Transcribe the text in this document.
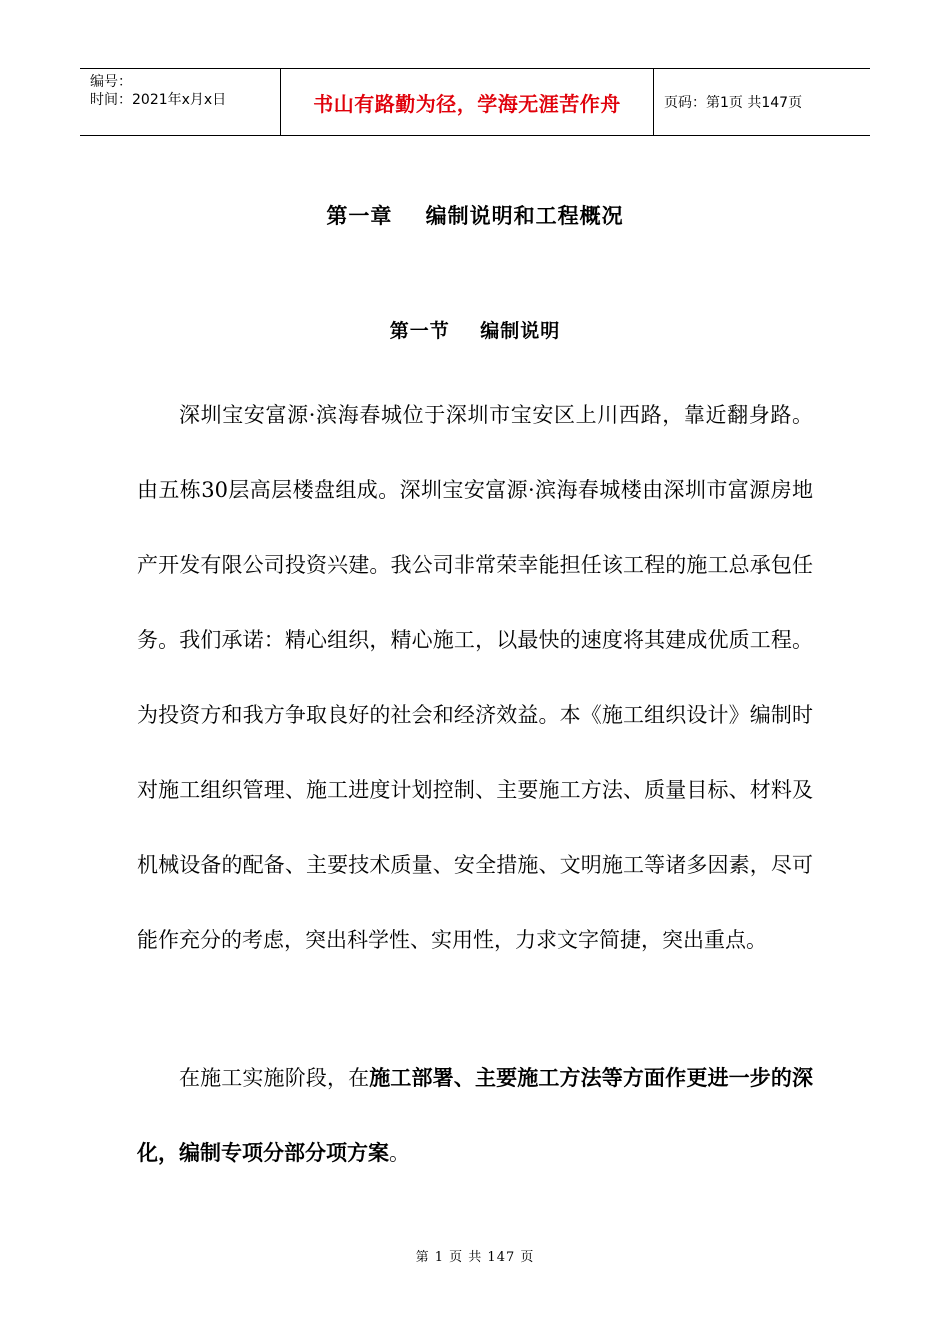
编号：
时间：2021年x月x日	书山有路勤为径，学海无涯苦作舟	页码：第1页 共147页
第一章    编制说明和工程概况
第一节    编制说明
深圳宝安富源·滨海春城位于深圳市宝安区上川西路，靠近翻身路。由五栋30层高层楼盘组成。深圳宝安富源·滨海春城楼由深圳市富源房地产开发有限公司投资兴建。我公司非常荣幸能担任该工程的施工总承包任务。我们承诺：精心组织，精心施工，以最快的速度将其建成优质工程。为投资方和我方争取良好的社会和经济效益。本《施工组织设计》编制时对施工组织管理、施工进度计划控制、主要施工方法、质量目标、材料及机械设备的配备、主要技术质量、安全措施、文明施工等诸多因素，尽可能作充分的考虑，突出科学性、实用性，力求文字简捷，突出重点。
在施工实施阶段，在施工部署、主要施工方法等方面作更进一步的深化，编制专项分部分项方案。
第 1 页 共 147 页
